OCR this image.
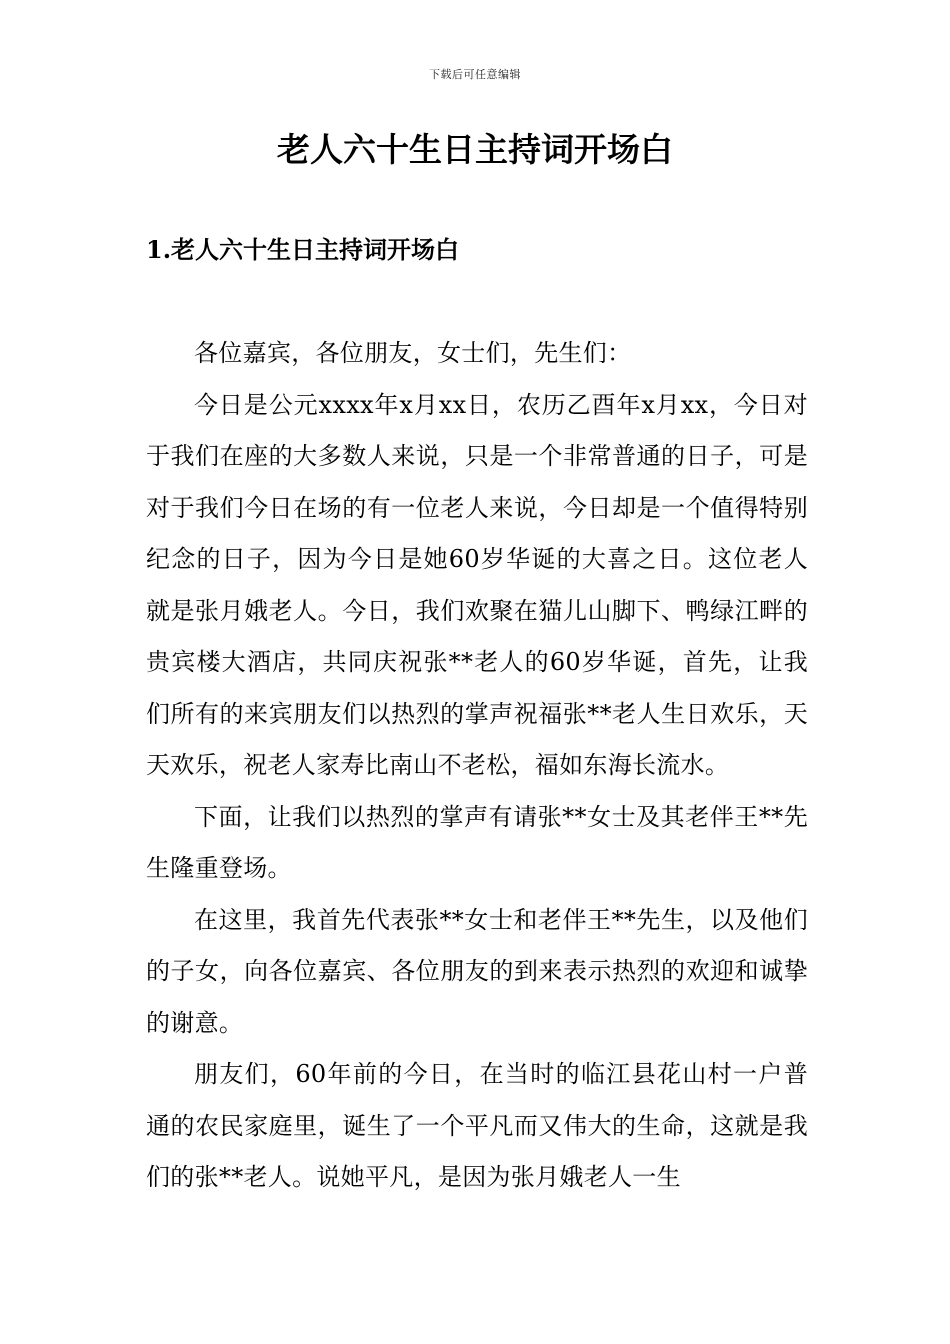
下载后可任意编辑
老人六十生日主持词开场白
1.老人六十生日主持词开场白

各位嘉宾，各位朋友，女士们，先生们：

今日是公元xxxx年x月xx日，农历乙酉年x月xx，今日对于我们在座的大多数人来说，只是一个非常普通的日子，可是对于我们今日在场的有一位老人来说，今日却是一个值得特别纪念的日子，因为今日是她60岁华诞的大喜之日。这位老人就是张月娥老人。今日，我们欢聚在猫儿山脚下、鸭绿江畔的贵宾楼大酒店，共同庆祝张**老人的60岁华诞，首先，让我们所有的来宾朋友们以热烈的掌声祝福张**老人生日欢乐，天天欢乐，祝老人家寿比南山不老松，福如东海长流水。

下面，让我们以热烈的掌声有请张**女士及其老伴王**先生隆重登场。

在这里，我首先代表张**女士和老伴王**先生，以及他们的子女，向各位嘉宾、各位朋友的到来表示热烈的欢迎和诚挚的谢意。

朋友们，60年前的今日，在当时的临江县花山村一户普通的农民家庭里，诞生了一个平凡而又伟大的生命，这就是我们的张**老人。说她平凡，是因为张月娥老人一生
